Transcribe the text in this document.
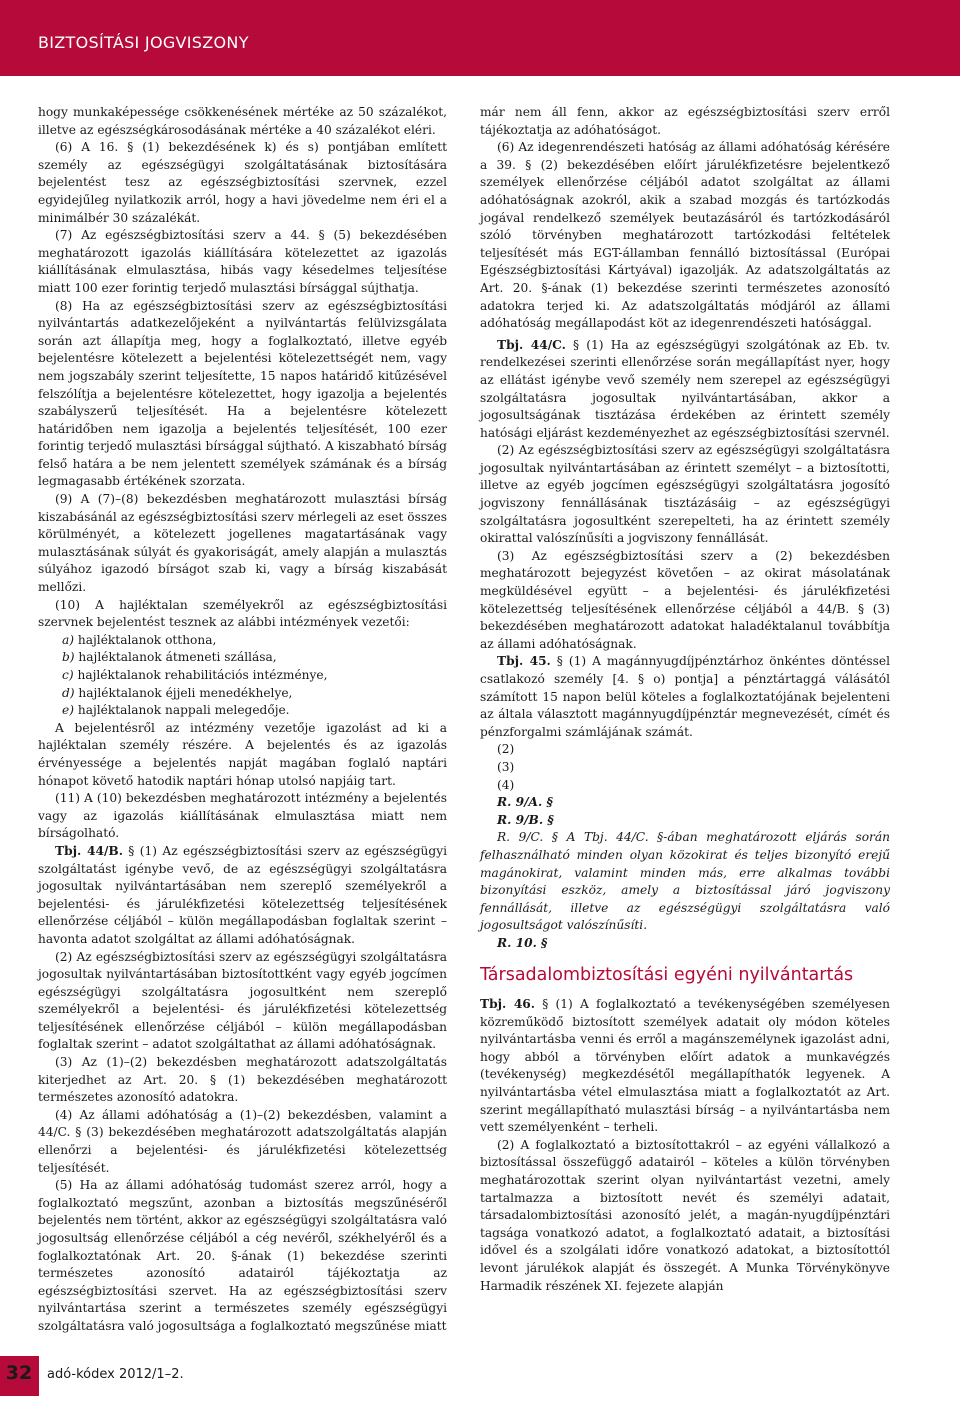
BIZTOSÍTÁSI JOGVISZONY

hogy munkaképessége csökkenésének mértéke az 50 százalékot, illetve az egészségkárosodásának mértéke a 40 százalékot eléri.

(6) A 16. § (1) bekezdésének k) és s) pontjában említett személy az egészségügyi szolgáltatásának biztosítására bejelentést tesz az egészségbiztosítási szervnek, ezzel egyidejűleg nyilatkozik arról, hogy a havi jövedelme nem éri el a minimálbér 30 százalékát.

(7) Az egészségbiztosítási szerv a 44. § (5) bekezdésében meghatározott igazolás kiállítására kötelezettet az igazolás kiállításának elmulasztása, hibás vagy késedelmes teljesítése miatt 100 ezer forintig terjedő mulasztási bírsággal sújthatja.

(8) Ha az egészségbiztosítási szerv az egészségbiztosítási nyilvántartás adatkezelőjeként a nyilvántartás felülvizsgálata során azt állapítja meg, hogy a foglalkoztató, illetve egyéb bejelentésre kötelezett a bejelentési kötelezettségét nem, vagy nem jogszabály szerint teljesítette, 15 napos határidő kitűzésével felszólítja a bejelentésre kötelezettet, hogy igazolja a bejelentés szabályszerű teljesítését. Ha a bejelentésre kötelezett határidőben nem igazolja a bejelentés teljesítését, 100 ezer forintig terjedő mulasztási bírsággal sújtható. A kiszabható bírság felső határa a be nem jelentett személyek számának és a bírság legmagasabb értékének szorzata.

(9) A (7)–(8) bekezdésben meghatározott mulasztási bírság kiszabásánál az egészségbiztosítási szerv mérlegeli az eset összes körülményét, a kötelezett jogellenes magatartásának vagy mulasztásának súlyát és gyakoriságát, amely alapján a mulasztás súlyához igazodó bírságot szab ki, vagy a bírság kiszabását mellőzi.

(10) A hajléktalan személyekről az egészségbiztosítási szervnek bejelentést tesznek az alábbi intézmények vezetői:

a) hajléktalanok otthona,

b) hajléktalanok átmeneti szállása,

c) hajléktalanok rehabilitációs intézménye,

d) hajléktalanok éjjeli menedékhelye,

e) hajléktalanok nappali melegedője.

A bejelentésről az intézmény vezetője igazolást ad ki a hajléktalan személy részére. A bejelentés és az igazolás érvényessége a bejelentés napját magában foglaló naptári hónapot követő hatodik naptári hónap utolsó napjáig tart.

(11) A (10) bekezdésben meghatározott intézmény a bejelentés vagy az igazolás kiállításának elmulasztása miatt nem bírságolható.

Tbj. 44/B. § (1) Az egészségbiztosítási szerv az egészségügyi szolgáltatást igénybe vevő, de az egészségügyi szolgáltatásra jogosultak nyilvántartásában nem szereplő személyekről a bejelentési- és járulékfizetési kötelezettség teljesítésének ellenőrzése céljából – külön megállapodásban foglaltak szerint – havonta adatot szolgáltat az állami adóhatóságnak.

(2) Az egészségbiztosítási szerv az egészségügyi szolgáltatásra jogosultak nyilvántartásában biztosítottként vagy egyéb jogcímen egészségügyi szolgáltatásra jogosultként nem szereplő személyekről a bejelentési- és járulékfizetési kötelezettség teljesítésének ellenőrzése céljából – külön megállapodásban foglaltak szerint – adatot szolgáltathat az állami adóhatóságnak.

(3) Az (1)–(2) bekezdésben meghatározott adatszolgáltatás kiterjedhet az Art. 20. § (1) bekezdésében meghatározott természetes azonosító adatokra.

(4) Az állami adóhatóság a (1)–(2) bekezdésben, valamint a 44/C. § (3) bekezdésében meghatározott adatszolgáltatás alapján ellenőrzi a bejelentési- és járulékfizetési kötelezettség teljesítését.

(5) Ha az állami adóhatóság tudomást szerez arról, hogy a foglalkoztató megszűnt, azonban a biztosítás megszűnéséről bejelentés nem történt, akkor az egészségügyi szolgáltatásra való jogosultság ellenőrzése céljából a cég nevéről, székhelyéről és a foglalkoztatónak Art. 20. §-ának (1) bekezdése szerinti természetes azonosító adatairól tájékoztatja az egészségbiztosítási szervet. Ha az egészségbiztosítási szerv nyilvántartása szerint a természetes személy egészségügyi szolgáltatásra való jogosultsága a foglalkoztató megszűnése miatt

már nem áll fenn, akkor az egészségbiztosítási szerv erről tájékoztatja az adóhatóságot.

(6) Az idegenrendészeti hatóság az állami adóhatóság kérésére a 39. § (2) bekezdésében előírt járulékfizetésre bejelentkező személyek ellenőrzése céljából adatot szolgáltat az állami adóhatóságnak azokról, akik a szabad mozgás és tartózkodás jogával rendelkező személyek beutazásáról és tartózkodásáról szóló törvényben meghatározott tartózkodási feltételek teljesítését más EGT-államban fennálló biztosítással (Európai Egészségbiztosítási Kártyával) igazolják. Az adatszolgáltatás az Art. 20. §-ának (1) bekezdése szerinti természetes azonosító adatokra terjed ki. Az adatszolgáltatás módjáról az állami adóhatóság megállapodást köt az idegenrendészeti hatósággal.

Tbj. 44/C. § (1) Ha az egészségügyi szolgátónak az Eb. tv. rendelkezései szerinti ellenőrzése során megállapítást nyer, hogy az ellátást igénybe vevő személy nem szerepel az egészségügyi szolgáltatásra jogosultak nyilvántartásában, akkor a jogosultságának tisztázása érdekében az érintett személy hatósági eljárást kezdeményezhet az egészségbiztosítási szervnél.

(2) Az egészségbiztosítási szerv az egészségügyi szolgáltatásra jogosultak nyilvántartásában az érintett személyt – a biztosítotti, illetve az egyéb jogcímen egészségügyi szolgáltatásra jogosító jogviszony fennállásának tisztázásáig – az egészségügyi szolgáltatásra jogosultként szerepelteti, ha az érintett személy okirattal valószínűsíti a jogviszony fennállását.

(3) Az egészségbiztosítási szerv a (2) bekezdésben meghatározott bejegyzést követően – az okirat másolatának megküldésével együtt – a bejelentési- és járulékfizetési kötelezettség teljesítésének ellenőrzése céljából a 44/B. § (3) bekezdésében meghatározott adatokat haladéktalanul továbbítja az állami adóhatóságnak.

Tbj. 45. § (1) A magánnyugdíjpénztárhoz önkéntes döntéssel csatlakozó személy [4. § o) pontja] a pénztártaggá válásától számított 15 napon belül köteles a foglalkoztatójának bejelenteni az általa választott magánnyugdíjpénztár megnevezését, címét és pénzforgalmi számlájának számát.

(2)

(3)

(4)

R. 9/A. §

R. 9/B. §

R. 9/C. § A Tbj. 44/C. §-ában meghatározott eljárás során felhasználható minden olyan közokirat és teljes bizonyító erejű magánokirat, valamint minden más, erre alkalmas további bizonyítási eszköz, amely a biztosítással járó jogviszony fennállását, illetve az egészségügyi szolgáltatásra való jogosultságot valószínűsíti.

R. 10. §

Társadalombiztosítási egyéni nyilvántartás

Tbj. 46. § (1) A foglalkoztató a tevékenységében személyesen közreműködő biztosított személyek adatait oly módon köteles nyilvántartásba venni és erről a magánszemélynek igazolást adni, hogy abból a törvényben előírt adatok a munkavégzés (tevékenység) megkezdésétől megállapíthatók legyenek. A nyilvántartásba vétel elmulasztása miatt a foglalkoztatót az Art. szerint megállapítható mulasztási bírság – a nyilvántartásba nem vett személyenként – terheli.

(2) A foglalkoztató a biztosítottakról – az egyéni vállalkozó a biztosítással összefüggő adatairól – köteles a külön törvényben meghatározottak szerint olyan nyilvántartást vezetni, amely tartalmazza a biztosított nevét és személyi adatait, társadalombiztosítási azonosító jelét, a magán-nyugdíjpénztári tagsága vonatkozó adatot, a foglalkoztató adatait, a biztosítási idővel és a szolgálati időre vonatkozó adatokat, a biztosítottól levont járulékok alapját és összegét. A Munka Törvénykönyve Harmadik részének XI. fejezete alapján

32	adó-kódex 2012/1–2.
